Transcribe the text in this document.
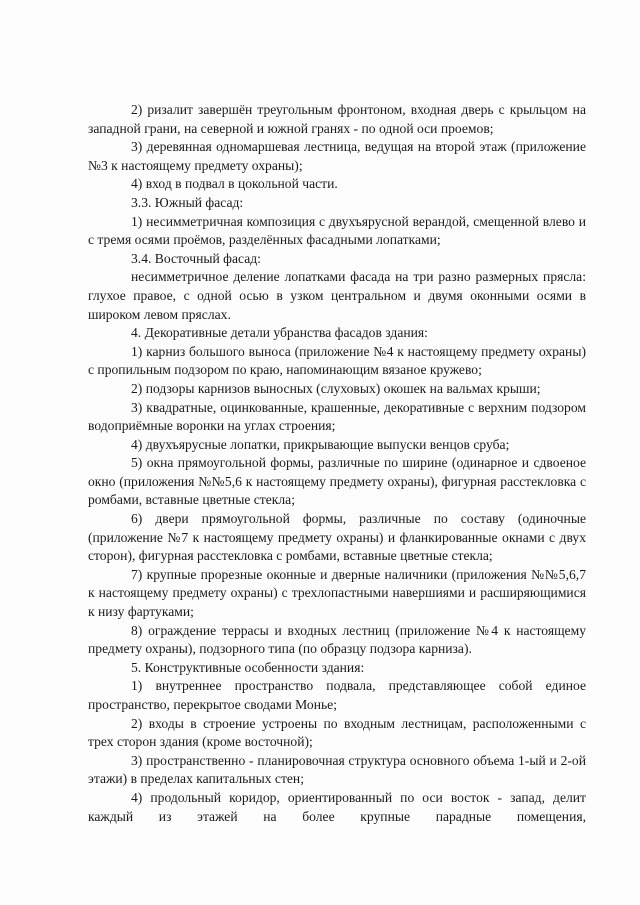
2) ризалит завершён треугольным фронтоном, входная дверь с крыльцом на западной грани, на северной и южной гранях - по одной оси проемов;

3) деревянная одномаршевая лестница, ведущая на второй этаж (приложение №3 к настоящему предмету охраны);

4) вход в подвал в цокольной части.

3.3. Южный фасад:

1) несимметричная композиция с двухъярусной верандой, смещенной влево и с тремя осями проёмов, разделённых фасадными лопатками;

3.4. Восточный фасад:

несимметричное деление лопатками фасада на три разно размерных прясла: глухое правое, с одной осью в узком центральном и двумя оконными осями в широком левом пряслах.

4. Декоративные детали убранства фасадов здания:

1) карниз большого выноса (приложение №4 к настоящему предмету охраны) с пропильным подзором по краю, напоминающим вязаное кружево;

2) подзоры карнизов выносных (слуховых) окошек на вальмах крыши;

3) квадратные, оцинкованные, крашенные, декоративные с верхним подзором водоприёмные воронки на углах строения;

4) двухъярусные лопатки, прикрывающие выпуски венцов сруба;

5) окна прямоугольной формы, различные по ширине (одинарное и сдвоеное окно (приложения №№5,6 к настоящему предмету охраны), фигурная расстекловка с ромбами, вставные цветные стекла;

6) двери прямоугольной формы, различные по составу (одиночные (приложение №7 к настоящему предмету охраны) и фланкированные окнами с двух сторон), фигурная расстекловка с ромбами, вставные цветные стекла;

7) крупные прорезные оконные и дверные наличники (приложения №№5,6,7 к настоящему предмету охраны) с трехлопастными навершиями и расширяющимися к низу фартуками;

8) ограждение террасы и входных лестниц (приложение №4 к настоящему предмету охраны), подзорного типа (по образцу подзора карниза).

5. Конструктивные особенности здания:

1) внутреннее пространство подвала, представляющее собой единое пространство, перекрытое сводами Монье;

2) входы в строение устроены по входным лестницам, расположенными с трех сторон здания (кроме восточной);

3) пространственно - планировочная структура основного объема 1-ый и 2-ой этажи) в пределах капитальных стен;

4) продольный коридор, ориентированный по оси восток - запад, делит каждый из этажей на более крупные парадные помещения,
